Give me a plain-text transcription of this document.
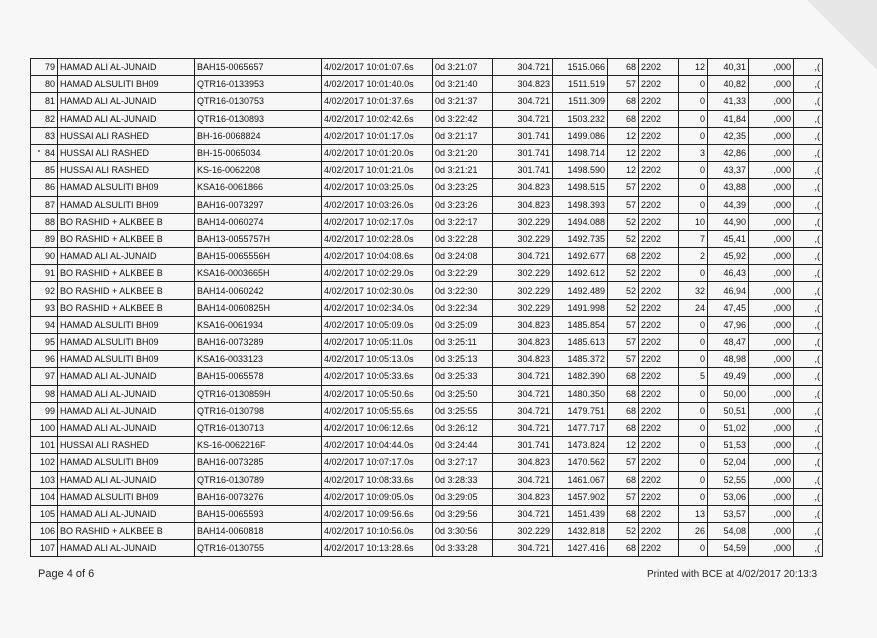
79	HAMAD ALI AL-JUNAID	BAH15-0065657	4/02/2017 10:01:07.6s	0d 3:21:07	304.721	1515.066	68	2202	12	40,31	,000	,(
80	HAMAD ALSULITI BH09	QTR16-0133953	4/02/2017 10:01:40.0s	0d 3:21:40	304.823	1511.519	57	2202	0	40,82	,000	,(
81	HAMAD ALI AL-JUNAID	QTR16-0130753	4/02/2017 10:01:37.6s	0d 3:21:37	304.721	1511.309	68	2202	0	41,33	,000	,(
82	HAMAD ALI AL-JUNAID	QTR16-0130893	4/02/2017 10:02:42.6s	0d 3:22:42	304.721	1503.232	68	2202	0	41,84	,000	,(
83	HUSSAI ALI RASHED	BH-16-0068824	4/02/2017 10:01:17.0s	0d 3:21:17	301.741	1499.086	12	2202	0	42,35	,000	,(
84	HUSSAI ALI RASHED	BH-15-0065034	4/02/2017 10:01:20.0s	0d 3:21:20	301.741	1498.714	12	2202	3	42,86	,000	,(
85	HUSSAI ALI RASHED	KS-16-0062208	4/02/2017 10:01:21.0s	0d 3:21:21	301.741	1498.590	12	2202	0	43,37	,000	,(
86	HAMAD ALSULITI BH09	KSA16-0061866	4/02/2017 10:03:25.0s	0d 3:23:25	304.823	1498.515	57	2202	0	43,88	,000	,(
87	HAMAD ALSULITI BH09	BAH16-0073297	4/02/2017 10:03:26.0s	0d 3:23:26	304.823	1498.393	57	2202	0	44,39	,000	,(
88	BO RASHID + ALKBEE B	BAH14-0060274	4/02/2017 10:02:17.0s	0d 3:22:17	302.229	1494.088	52	2202	10	44,90	,000	,(
89	BO RASHID + ALKBEE B	BAH13-0055757H	4/02/2017 10:02:28.0s	0d 3:22:28	302.229	1492.735	52	2202	7	45,41	,000	,(
90	HAMAD ALI AL-JUNAID	BAH15-0065556H	4/02/2017 10:04:08.6s	0d 3:24:08	304.721	1492.677	68	2202	2	45,92	,000	,(
91	BO RASHID + ALKBEE B	KSA16-0003665H	4/02/2017 10:02:29.0s	0d 3:22:29	302.229	1492.612	52	2202	0	46,43	,000	,(
92	BO RASHID + ALKBEE B	BAH14-0060242	4/02/2017 10:02:30.0s	0d 3:22:30	302.229	1492.489	52	2202	32	46,94	,000	,(
93	BO RASHID + ALKBEE B	BAH14-0060825H	4/02/2017 10:02:34.0s	0d 3:22:34	302.229	1491.998	52	2202	24	47,45	,000	,(
94	HAMAD ALSULITI BH09	KSA16-0061934	4/02/2017 10:05:09.0s	0d 3:25:09	304.823	1485.854	57	2202	0	47,96	,000	,(
95	HAMAD ALSULITI BH09	BAH16-0073289	4/02/2017 10:05:11.0s	0d 3:25:11	304.823	1485.613	57	2202	0	48,47	,000	,(
96	HAMAD ALSULITI BH09	KSA16-0033123	4/02/2017 10:05:13.0s	0d 3:25:13	304.823	1485.372	57	2202	0	48,98	,000	,(
97	HAMAD ALI AL-JUNAID	BAH15-0065578	4/02/2017 10:05:33.6s	0d 3:25:33	304.721	1482.390	68	2202	5	49,49	,000	,(
98	HAMAD ALI AL-JUNAID	QTR16-0130859H	4/02/2017 10:05:50.6s	0d 3:25:50	304.721	1480.350	68	2202	0	50,00	,000	,(
99	HAMAD ALI AL-JUNAID	QTR16-0130798	4/02/2017 10:05:55.6s	0d 3:25:55	304.721	1479.751	68	2202	0	50,51	,000	,(
100	HAMAD ALI AL-JUNAID	QTR16-0130713	4/02/2017 10:06:12.6s	0d 3:26:12	304.721	1477.717	68	2202	0	51,02	,000	,(
101	HUSSAI ALI RASHED	KS-16-0062216F	4/02/2017 10:04:44.0s	0d 3:24:44	301.741	1473.824	12	2202	0	51,53	,000	,(
102	HAMAD ALSULITI BH09	BAH16-0073285	4/02/2017 10:07:17.0s	0d 3:27:17	304.823	1470.562	57	2202	0	52,04	,000	,(
103	HAMAD ALI AL-JUNAID	QTR16-0130789	4/02/2017 10:08:33.6s	0d 3:28:33	304.721	1461.067	68	2202	0	52,55	,000	,(
104	HAMAD ALSULITI BH09	BAH16-0073276	4/02/2017 10:09:05.0s	0d 3:29:05	304.823	1457.902	57	2202	0	53,06	,000	,(
105	HAMAD ALI AL-JUNAID	BAH15-0065593	4/02/2017 10:09:56.6s	0d 3:29:56	304.721	1451.439	68	2202	13	53,57	,000	,(
106	BO RASHID + ALKBEE B	BAH14-0060818	4/02/2017 10:10:56.0s	0d 3:30:56	302.229	1432.818	52	2202	26	54,08	,000	,(
107	HAMAD ALI AL-JUNAID	QTR16-0130755	4/02/2017 10:13:28.6s	0d 3:33:28	304.721	1427.416	68	2202	0	54,59	,000	,(
Page 4 of 6	Printed with BCE at 4/02/2017 20:13:3
